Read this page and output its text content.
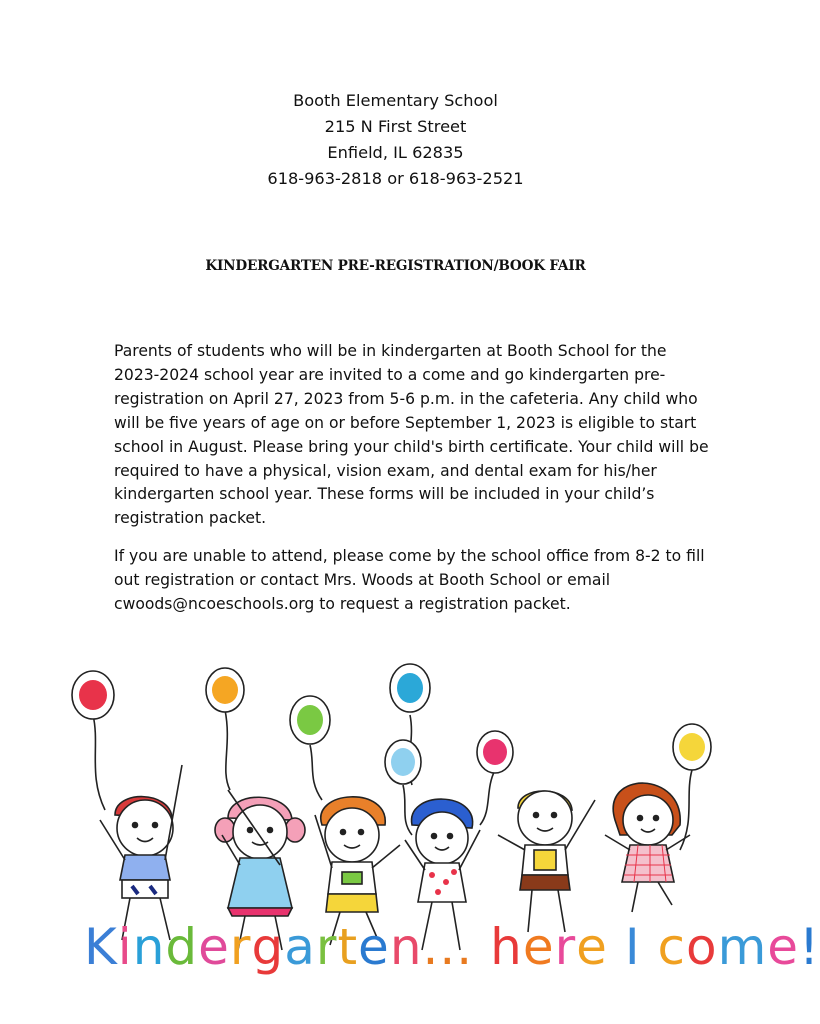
Booth Elementary School
215 N First Street
Enfield, IL 62835
618-963-2818 or 618-963-2521
KINDERGARTEN PRE-REGISTRATION/BOOK FAIR

Parents of students who will be in kindergarten at Booth School for the 2023-2024 school year are invited to a come and go kindergarten pre-registration on April 27, 2023 from 5-6 p.m. in the cafeteria. Any child who will be five years of age on or before September 1, 2023 is eligible to start school in August. Please bring your child's birth certificate. Your child will be required to have a physical, vision exam, and dental exam for his/her kindergarten school year. These forms will be included in your child’s registration packet.

If you are unable to attend, please come by the school office from 8-2 to fill out registration or contact Mrs. Woods at Booth School or email cwoods@ncoeschools.org to request a registration packet.

Kindergarten... here I come!
